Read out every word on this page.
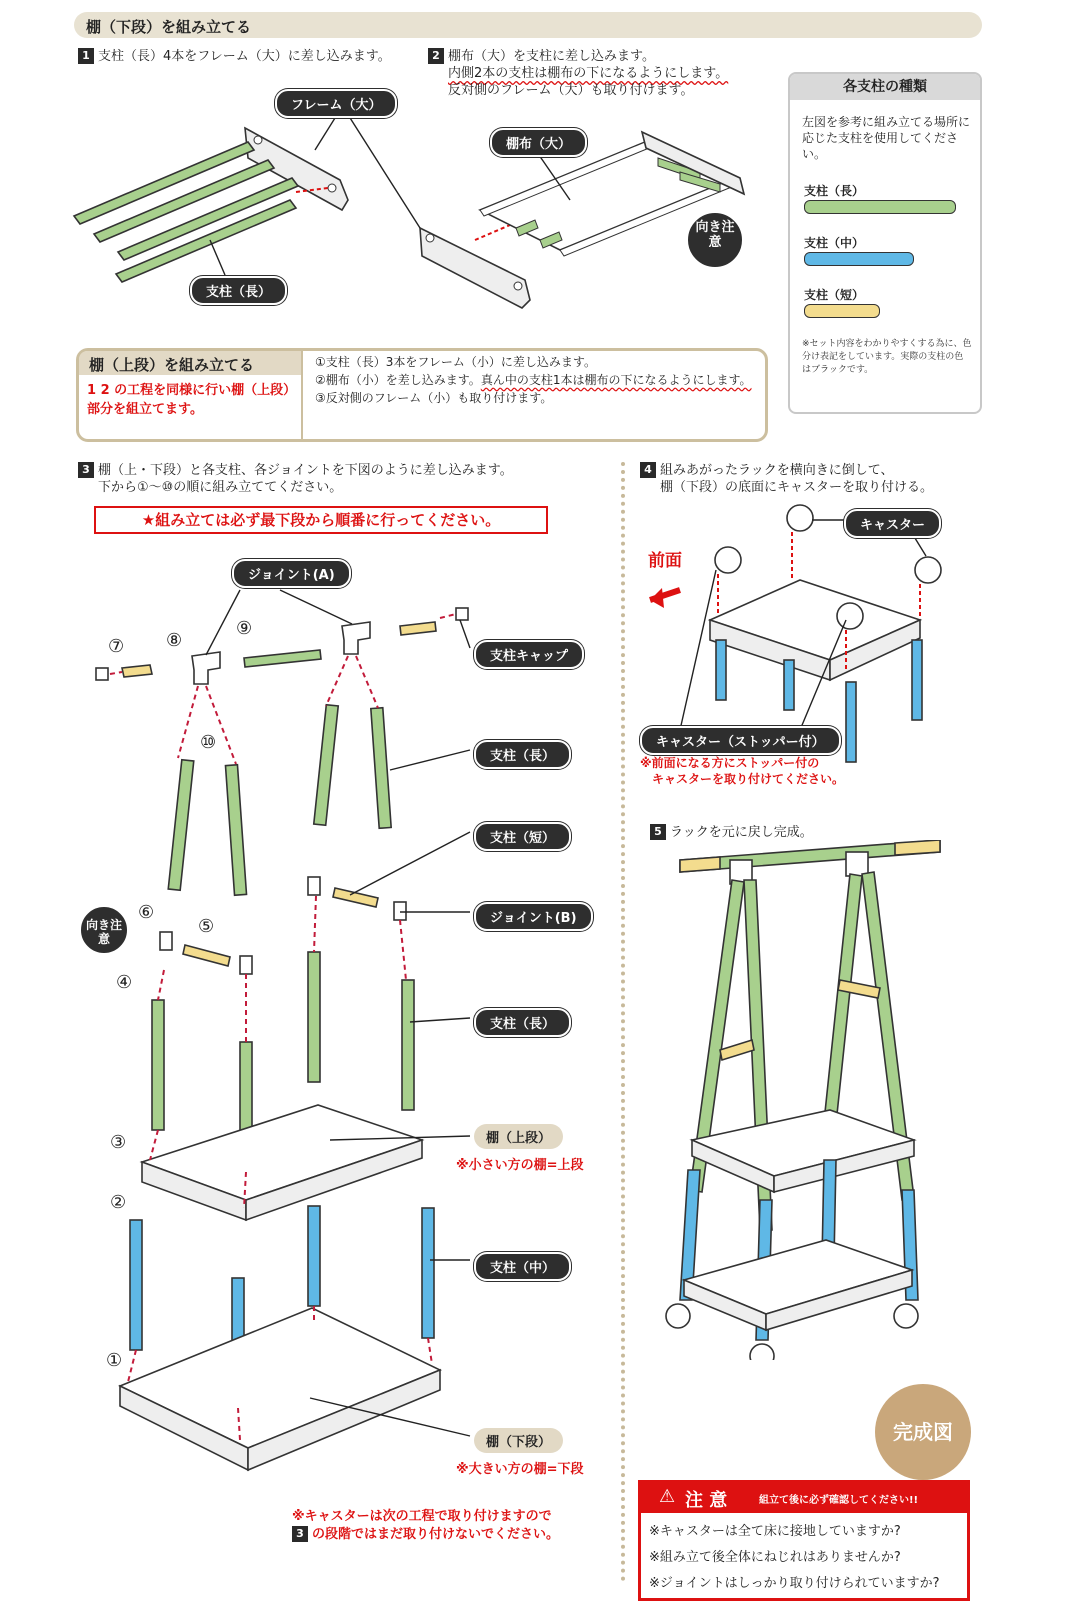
棚（下段）を組み立てる
1 支柱（長）4本をフレーム（大）に差し込みます。	2 棚布（大）を支柱に差し込みます。
内側2本の支柱は棚布の下になるようにします。
反対側のフレーム（大）も取り付けます。
フレーム（大）
支柱（長）
棚布（大）
向き注意
各支柱の種類
左図を参考に組み立てる場所に応じた支柱を使用してください。
支柱（長）
支柱（中）
支柱（短）
※セット内容をわかりやすくする為に、色分け表記をしています。実際の支柱の色はブラックです。
棚（上段）を組み立てる
1 2 の工程を同様に行い棚（上段）部分を組立てます。
①支柱（長）3本をフレーム（小）に差し込みます。
②棚布（小）を差し込みます。真ん中の支柱1本は棚布の下になるようにします。
③反対側のフレーム（小）も取り付けます。
3 棚（上・下段）と各支柱、各ジョイントを下図のように差し込みます。
下から①～⑩の順に組み立ててください。
★組み立ては必ず最下段から順番に行ってください。
向き注意
ジョイント(A)
支柱キャップ
支柱（長）
支柱（短）
ジョイント(B)
支柱（長）
棚（上段）
※小さい方の棚=上段
支柱（中）
棚（下段）
※大きい方の棚=下段
①
②
③
④
⑤
⑥
⑦ ⑧
⑨
⑩
※キャスターは次の工程で取り付けますので
3 の段階ではまだ取り付けないでください。
4 組みあがったラックを横向きに倒して、
棚（下段）の底面にキャスターを取り付ける。
前面
キャスター
キャスター（ストッパー付）
※前面になる方にストッパー付の
キャスターを取り付けてください。
5 ラックを元に戻し完成。
完成図
⚠ 注 意	組立て後に必ず確認してください!!
※キャスターは全て床に接地していますか?
※組み立て後全体にねじれはありませんか?
※ジョイントはしっかり取り付けられていますか?
